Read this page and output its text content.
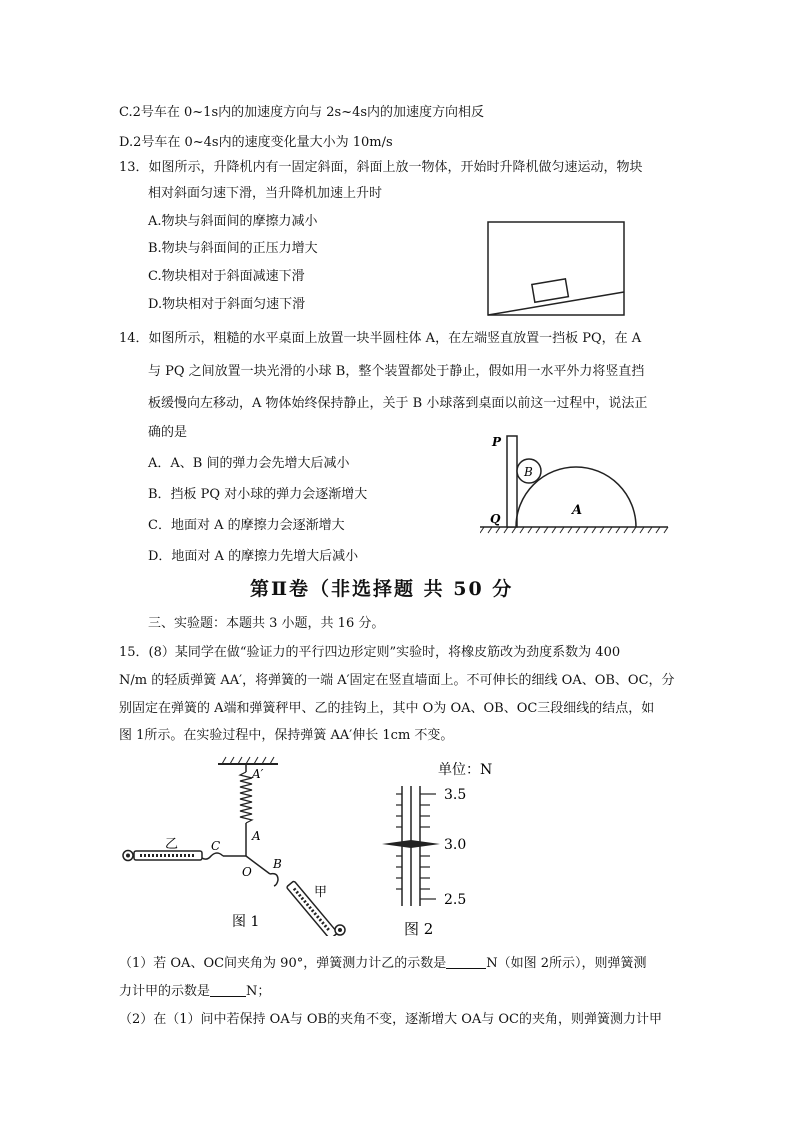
C.2号车在 0~1s内的加速度方向与 2s~4s内的加速度方向相反
D.2号车在 0~4s内的速度变化量大小为 10m/s
13．如图所示，升降机内有一固定斜面，斜面上放一物体，开始时升降机做匀速运动，物块
相对斜面匀速下滑，当升降机加速上升时
A.物块与斜面间的摩擦力减小
B.物块与斜面间的正压力增大
C.物块相对于斜面减速下滑
D.物块相对于斜面匀速下滑
14．如图所示，粗糙的水平桌面上放置一块半圆柱体 A，在左端竖直放置一挡板 PQ，在 A
与 PQ 之间放置一块光滑的小球 B，整个装置都处于静止，假如用一水平外力将竖直挡
板缓慢向左移动，A 物体始终保持静止，关于 B 小球落到桌面以前这一过程中，说法正
确的是
A．A、B 间的弹力会先增大后减小
B．挡板 PQ 对小球的弹力会逐渐增大
C．地面对 A 的摩擦力会逐渐增大
D．地面对 A 的摩擦力先增大后减小
B
P
Q
A
第Ⅱ卷（非选择题 共 50 分
三、实验题：本题共 3 小题，共 16 分。
15．(8）某同学在做“验证力的平行四边形定则”实验时，将橡皮筋改为劲度系数为 400
N/m 的轻质弹簧 AA′，将弹簧的一端 A′固定在竖直墙面上。不可伸长的细线 OA、OB、OC，分
别固定在弹簧的 A端和弹簧秤甲、乙的挂钩上，其中 O为 OA、OB、OC三段细线的结点，如
图 1所示。在实验过程中，保持弹簧 AA′伸长 1cm 不变。
A′
A
O
B
C
乙
甲
图 1
单位：N
3.5
3.0
2.5
图 2
（1）若 OA、OC间夹角为 90°，弹簧测力计乙的示数是	N（如图 2所示），则弹簧测
力计甲的示数是	N；
（2）在（1）问中若保持 OA与 OB的夹角不变，逐渐增大 OA与 OC的夹角，则弹簧测力计甲
